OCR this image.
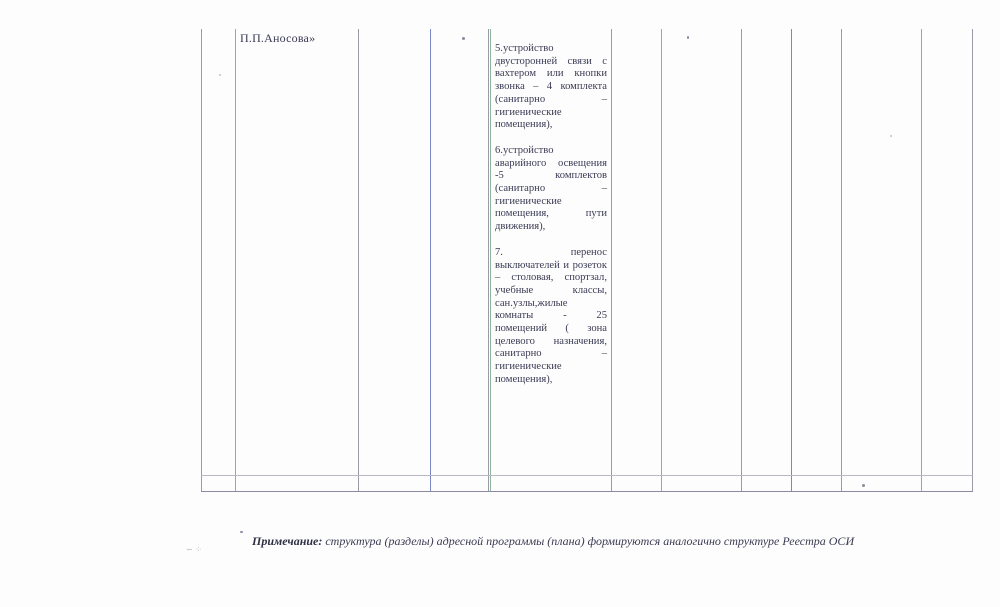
П.П.Аносова»

5.устройство двусторонней связи с вахтером или кнопки звонка – 4 комплекта (санитарно – гигиенические помещения),

6.устройство аварийного освещения -5 комплектов (санитарно – гигиенические помещения, пути движения),

7. перенос выключателей и розеток – столовая, спортзал, учебные классы, сан.узлы,жилые комнаты - 25 помещений ( зона целевого назначения, санитарно – гигиенические помещения),

Примечание: структура (разделы) адресной программы (плана) формируются аналогично структуре Реестра ОСИ
∽ ⁘
